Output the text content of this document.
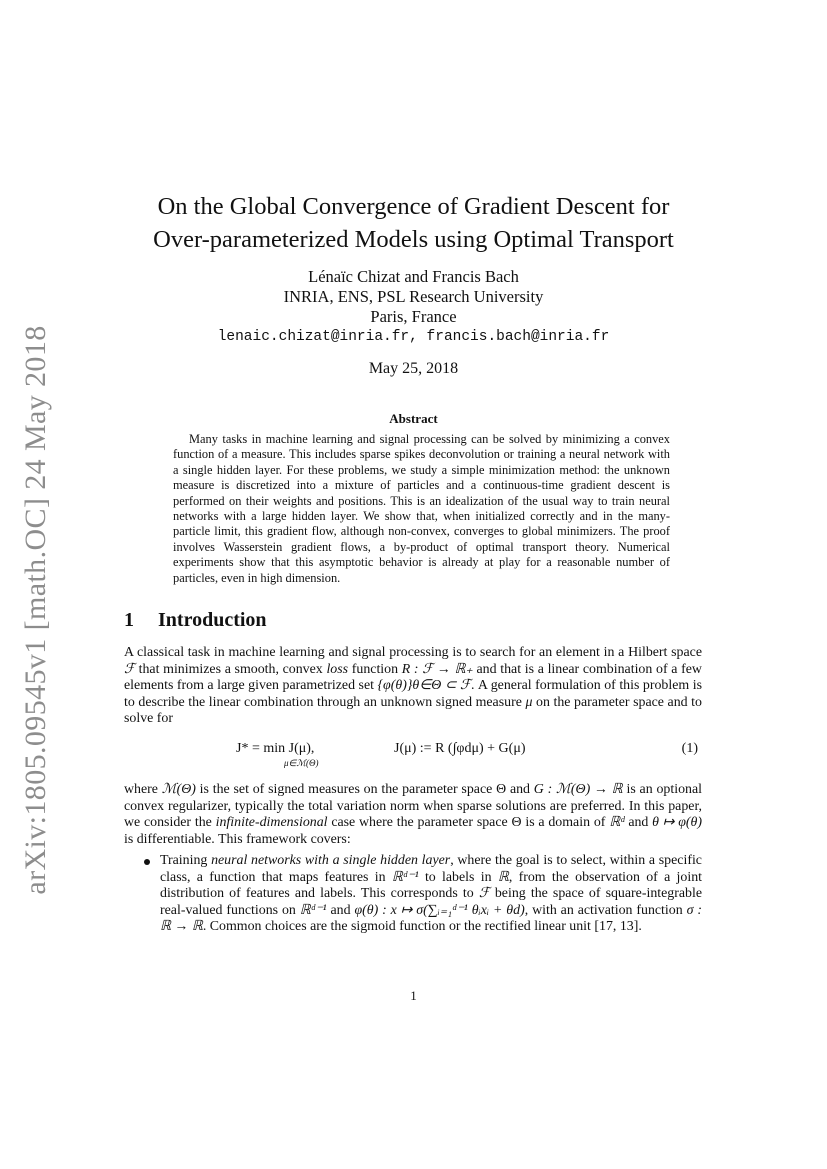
arXiv:1805.09545v1 [math.OC] 24 May 2018
On the Global Convergence of Gradient Descent for
Over-parameterized Models using Optimal Transport
Lénaïc Chizat and Francis Bach
INRIA, ENS, PSL Research University
Paris, France
lenaic.chizat@inria.fr, francis.bach@inria.fr
May 25, 2018
Abstract

Many tasks in machine learning and signal processing can be solved by minimizing a convex function of a measure. This includes sparse spikes deconvolution or training a neural network with a single hidden layer. For these problems, we study a simple minimization method: the unknown measure is discretized into a mixture of particles and a continuous-time gradient descent is performed on their weights and positions. This is an idealization of the usual way to train neural networks with a large hidden layer. We show that, when initialized correctly and in the many-particle limit, this gradient flow, although non-convex, converges to global minimizers. The proof involves Wasserstein gradient flows, a by-product of optimal transport theory. Numerical experiments show that this asymptotic behavior is already at play for a reasonable number of particles, even in high dimension.

1 Introduction

A classical task in machine learning and signal processing is to search for an element in a Hilbert space ℱ that minimizes a smooth, convex loss function R : ℱ → ℝ₊ and that is a linear combination of a few elements from a large given parametrized set {φ(θ)}θ∈Θ ⊂ ℱ. A general formulation of this problem is to describe the linear combination through an unknown signed measure μ on the parameter space and to solve for

J* = min J(μ),
μ∈ℳ(Θ)
J(μ) := R (∫φdμ) + G(μ)	(1)

where ℳ(Θ) is the set of signed measures on the parameter space Θ and G : ℳ(Θ) → ℝ is an optional convex regularizer, typically the total variation norm when sparse solutions are preferred. In this paper, we consider the infinite-dimensional case where the parameter space Θ is a domain of ℝᵈ and θ ↦ φ(θ) is differentiable. This framework covers:

Training neural networks with a single hidden layer, where the goal is to select, within a specific class, a function that maps features in ℝᵈ⁻¹ to labels in ℝ, from the observation of a joint distribution of features and labels. This corresponds to ℱ being the space of square-integrable real-valued functions on ℝᵈ⁻¹ and φ(θ) : x ↦ σ(∑ᵢ₌₁ᵈ⁻¹ θᵢxᵢ + θd), with an activation function σ : ℝ → ℝ. Common choices are the sigmoid function or the rectified linear unit [17, 13].

1
